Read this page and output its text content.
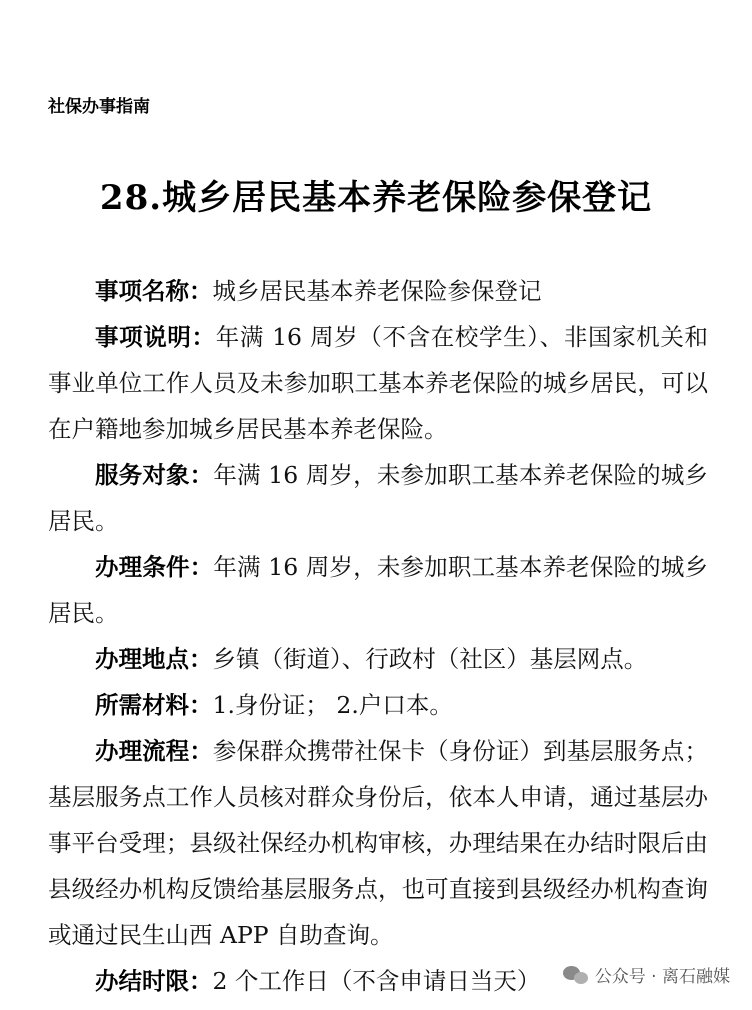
社保办事指南
28.城乡居民基本养老保险参保登记

事项名称：城乡居民基本养老保险参保登记

事项说明：年满 16 周岁（不含在校学生）、非国家机关和事业单位工作人员及未参加职工基本养老保险的城乡居民，可以在户籍地参加城乡居民基本养老保险。

服务对象：年满 16 周岁，未参加职工基本养老保险的城乡居民。

办理条件：年满 16 周岁，未参加职工基本养老保险的城乡居民。

办理地点：乡镇（街道）、行政村（社区）基层网点。

所需材料：1.身份证； 2.户口本。

办理流程：参保群众携带社保卡（身份证）到基层服务点；基层服务点工作人员核对群众身份后，依本人申请，通过基层办事平台受理；县级社保经办机构审核，办理结果在办结时限后由县级经办机构反馈给基层服务点，也可直接到县级经办机构查询或通过民生山西 APP 自助查询。

办结时限：2 个工作日（不含申请日当天）	公众号 · 离石融媒
